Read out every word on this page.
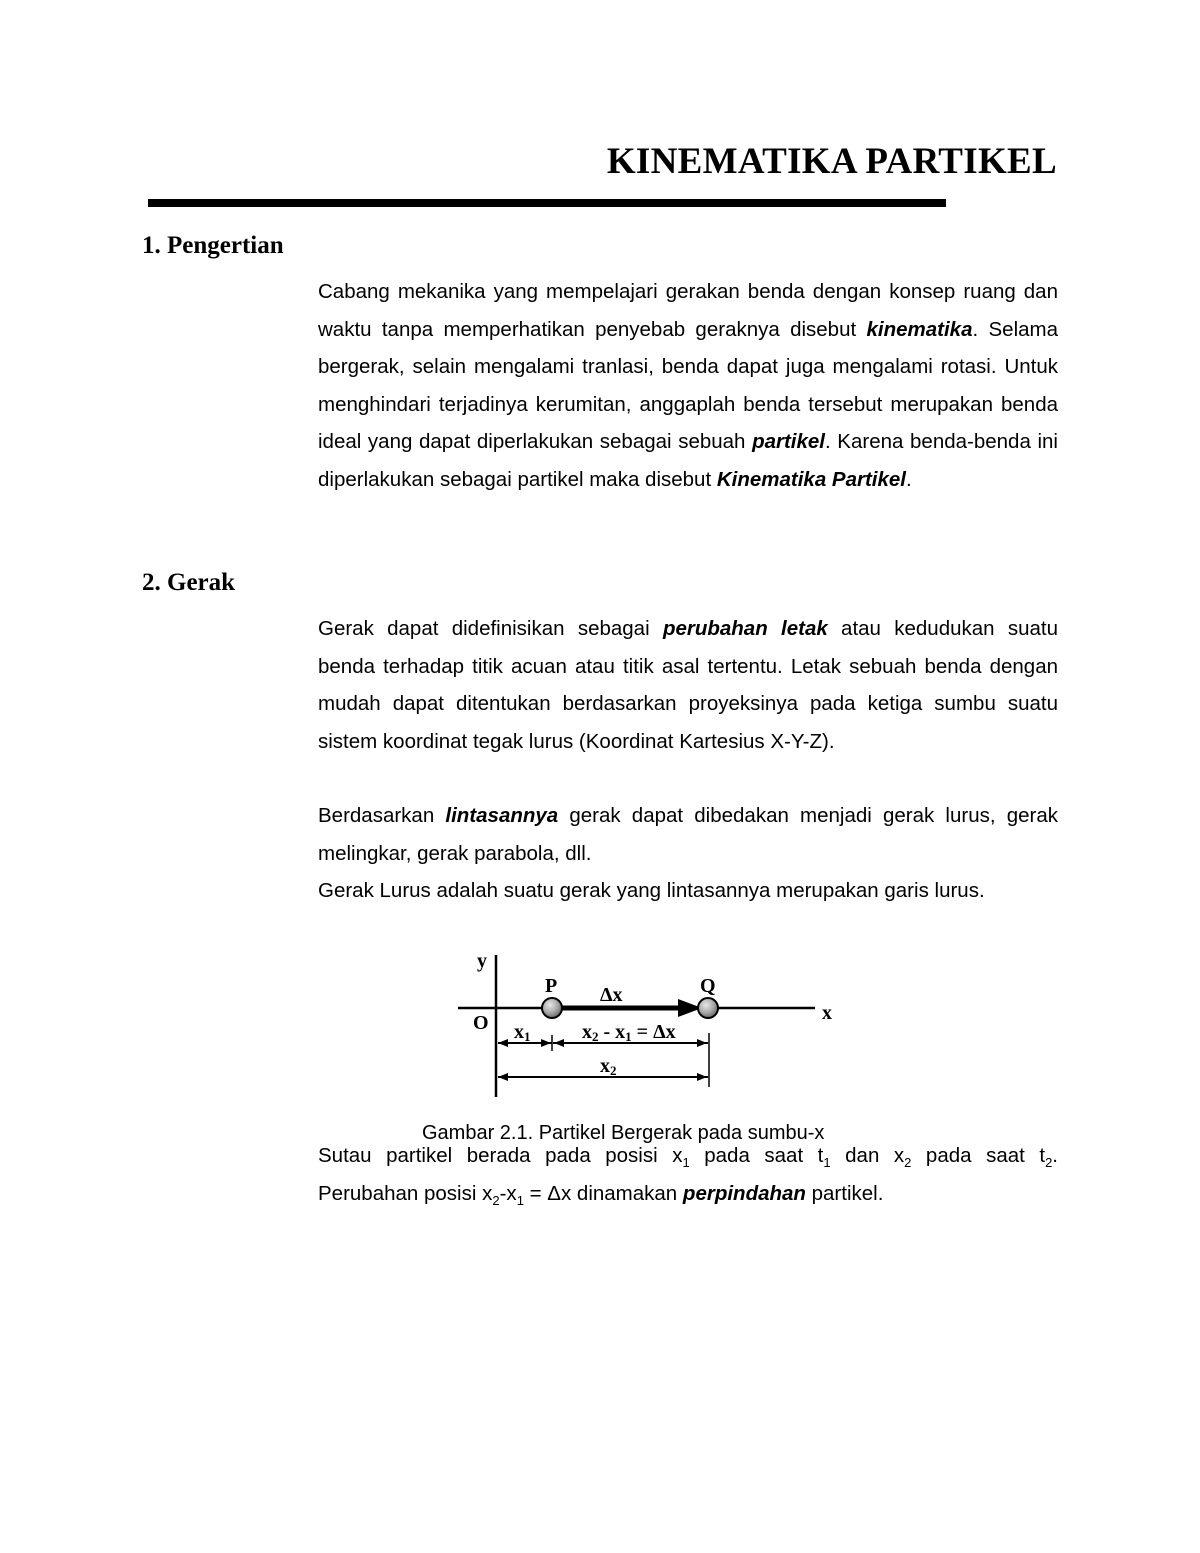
KINEMATIKA PARTIKEL
1. Pengertian

Cabang mekanika yang mempelajari gerakan benda dengan konsep ruang dan waktu tanpa memperhatikan penyebab geraknya disebut kinematika. Selama bergerak, selain mengalami tranlasi, benda dapat juga mengalami rotasi. Untuk menghindari terjadinya kerumitan, anggaplah benda tersebut merupakan benda ideal yang dapat diperlakukan sebagai sebuah partikel. Karena benda-benda ini diperlakukan sebagai partikel maka disebut Kinematika Partikel.

2. Gerak

Gerak dapat didefinisikan sebagai perubahan letak atau kedudukan suatu benda terhadap titik acuan atau titik asal tertentu. Letak sebuah benda dengan mudah dapat ditentukan berdasarkan proyeksinya pada ketiga sumbu suatu sistem koordinat tegak lurus (Koordinat Kartesius X-Y-Z).

Berdasarkan lintasannya gerak dapat dibedakan menjadi gerak lurus, gerak melingkar, gerak parabola, dll.

Gerak Lurus adalah suatu gerak yang lintasannya merupakan garis lurus.

y
x
O
P	Q
Δx
x1	x2 - x1 = Δx
x2

Gambar 2.1. Partikel Bergerak pada sumbu-x

Sutau partikel berada pada posisi $x_1$ pada saat $t_1$ dan $x_2$ pada saat $t_2$.

Perubahan posisi $x_2-x_1 = \Delta x$ dinamakan perpindahan partikel.
